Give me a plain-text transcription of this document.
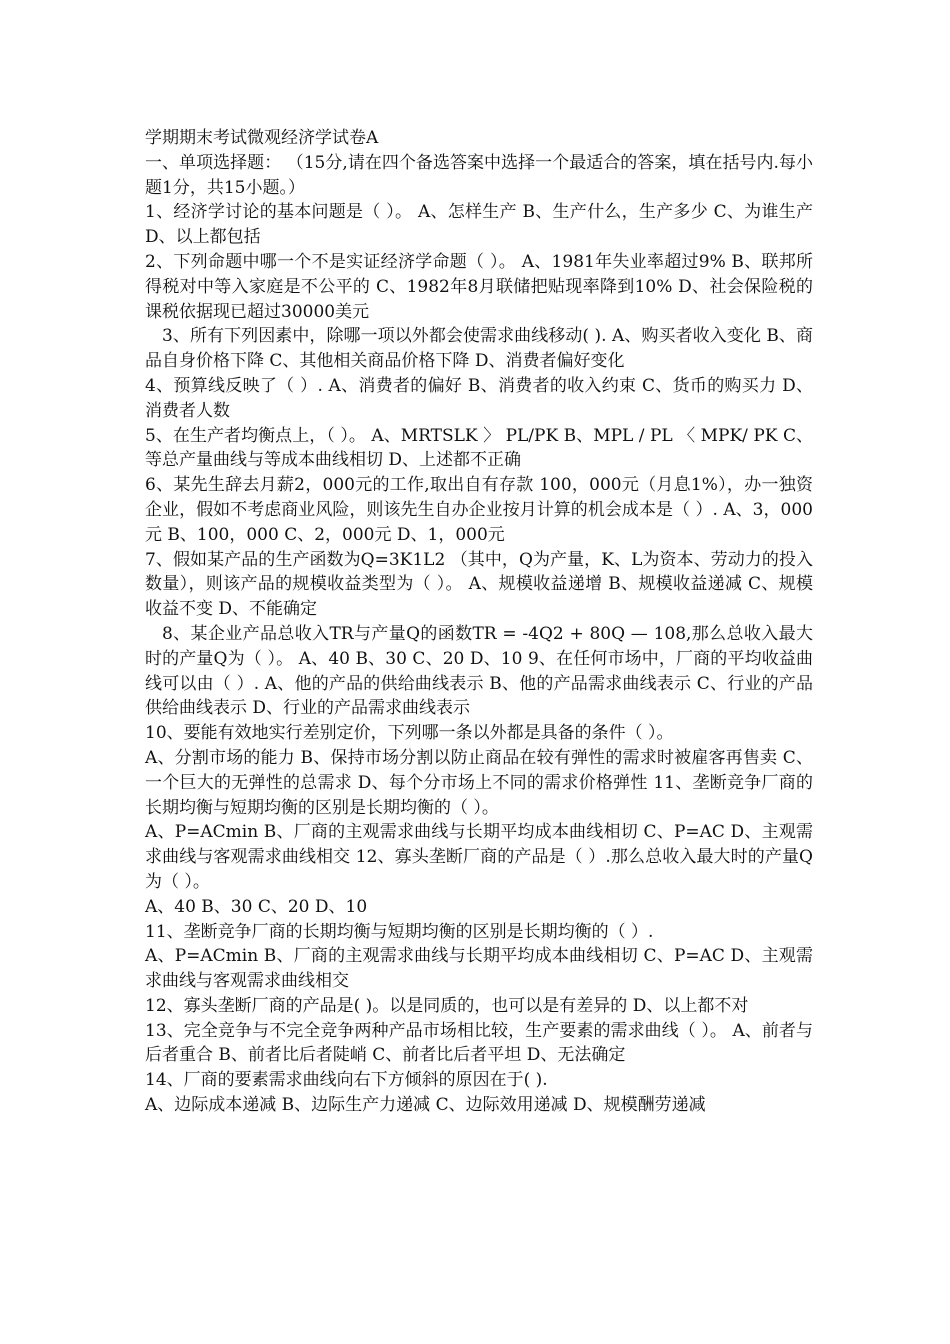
学期期末考试微观经济学试卷A

一、单项选择题： （15分,请在四个备选答案中选择一个最适合的答案，填在括号内.每小题1分，共15小题。）

1、经济学讨论的基本问题是（ ）。 A、怎样生产 B、生产什么，生产多少 C、为谁生产 D、以上都包括

2、下列命题中哪一个不是实证经济学命题（ ）。 A、1981年失业率超过9% B、联邦所得税对中等入家庭是不公平的 C、1982年8月联储把贴现率降到10% D、社会保险税的课税依据现已超过30000美元

3、所有下列因素中，除哪一项以外都会使需求曲线移动( ). A、购买者收入变化 B、商品自身价格下降 C、其他相关商品价格下降 D、消费者偏好变化

4、预算线反映了（ ）. A、消费者的偏好 B、消费者的收入约束 C、货币的购买力 D、消费者人数

5、在生产者均衡点上，（ ）。 A、MRTSLK 〉 PL/PK B、MPL / PL 〈 MPK/ PK C、等总产量曲线与等成本曲线相切 D、上述都不正确

6、某先生辞去月薪2，000元的工作,取出自有存款 100，000元（月息1%），办一独资企业，假如不考虑商业风险，则该先生自办企业按月计算的机会成本是（ ）. A、3，000元 B、100，000 C、2，000元 D、1，000元

7、假如某产品的生产函数为Q=3K1L2 （其中，Q为产量，K、L为资本、劳动力的投入数量），则该产品的规模收益类型为（ ）。 A、规模收益递增 B、规模收益递减 C、规模收益不变 D、不能确定

8、某企业产品总收入TR与产量Q的函数TR = -4Q2 + 80Q — 108,那么总收入最大时的产量Q为（ ）。 A、40 B、30 C、20 D、10 9、在任何市场中，厂商的平均收益曲线可以由（ ）. A、他的产品的供给曲线表示 B、他的产品需求曲线表示 C、行业的产品供给曲线表示 D、行业的产品需求曲线表示

10、要能有效地实行差别定价，下列哪一条以外都是具备的条件（ ）。

A、分割市场的能力 B、保持市场分割以防止商品在较有弹性的需求时被雇客再售卖 C、一个巨大的无弹性的总需求 D、每个分市场上不同的需求价格弹性 11、垄断竞争厂商的长期均衡与短期均衡的区别是长期均衡的（ ）。

A、P=ACmin B、厂商的主观需求曲线与长期平均成本曲线相切 C、P=AC D、主观需求曲线与客观需求曲线相交 12、寡头垄断厂商的产品是（ ）.那么总收入最大时的产量Q为（ ）。

A、40 B、30 C、20 D、10

11、垄断竞争厂商的长期均衡与短期均衡的区别是长期均衡的（ ）.

A、P=ACmin B、厂商的主观需求曲线与长期平均成本曲线相切 C、P=AC D、主观需求曲线与客观需求曲线相交

12、寡头垄断厂商的产品是( )。以是同质的，也可以是有差异的 D、以上都不对

13、完全竞争与不完全竞争两种产品市场相比较，生产要素的需求曲线（ ）。 A、前者与后者重合 B、前者比后者陡峭 C、前者比后者平坦 D、无法确定

14、厂商的要素需求曲线向右下方倾斜的原因在于( ).

A、边际成本递减 B、边际生产力递减 C、边际效用递减 D、规模酬劳递减
